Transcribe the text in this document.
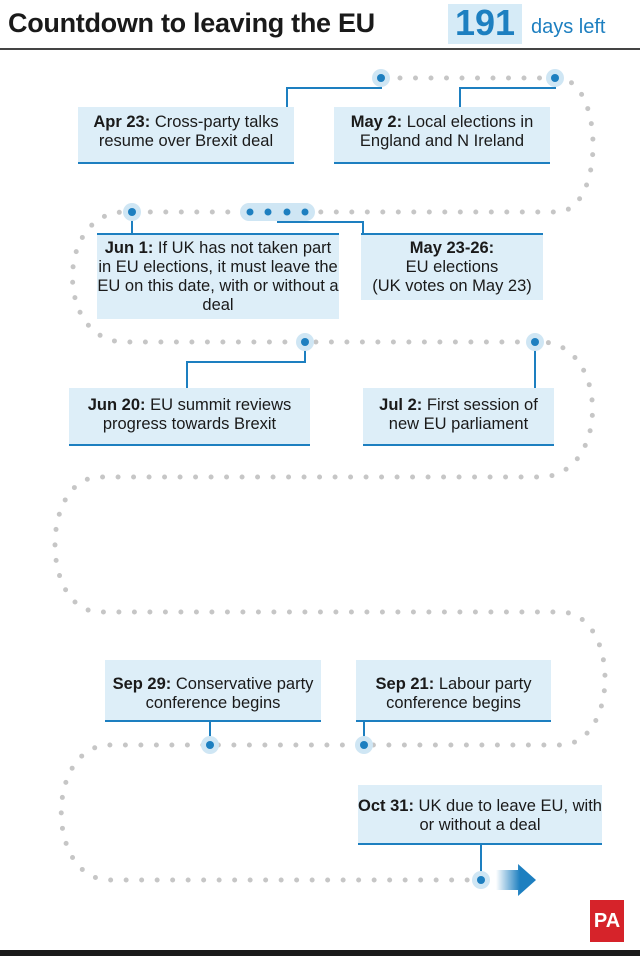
Countdown to leaving the EU 191 days left
Apr 23: Cross-party talks resume over Brexit deal
May 2: Local elections in England and N Ireland
Jun 1: If UK has not taken part in EU elections, it must leave the EU on this date, with or without a deal
May 23-26:
EU elections
(UK votes on May 23)
Jun 20: EU summit reviews progress towards Brexit
Jul 2: First session of new EU parliament
Sep 29: Conservative party conference begins
Sep 21: Labour party conference begins
Oct 31: UK due to leave EU, with or without a deal
PA
